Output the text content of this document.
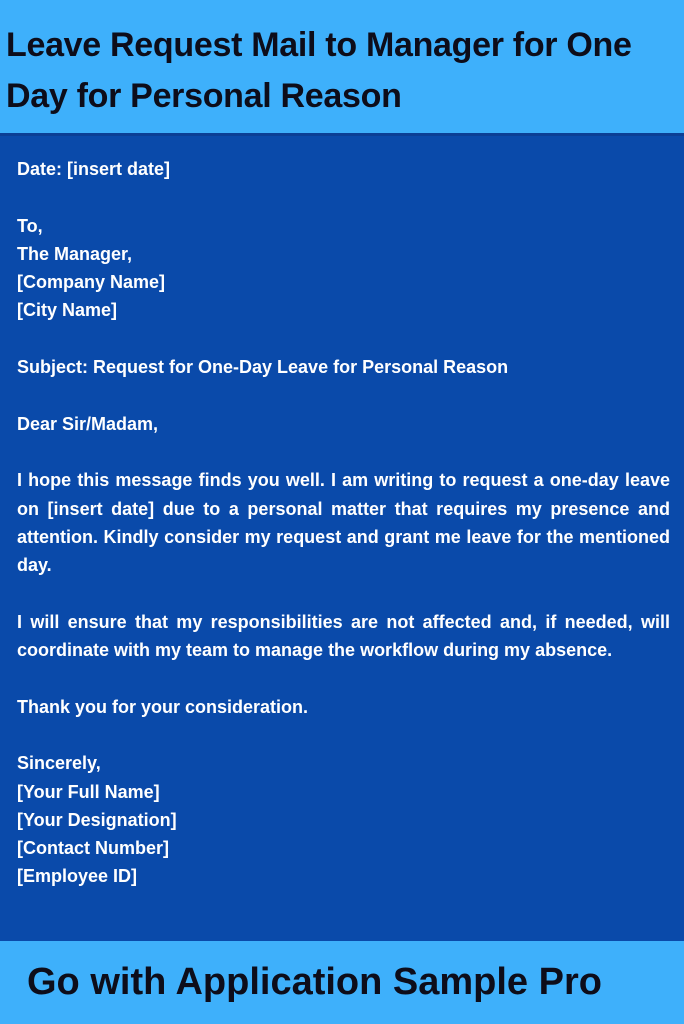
Leave Request Mail to Manager for One Day for Personal Reason
Date: [insert date]
To,
The Manager,
[Company Name]
[City Name]
Subject: Request for One-Day Leave for Personal Reason
Dear Sir/Madam,
I hope this message finds you well. I am writing to request a one-day leave on [insert date] due to a personal matter that requires my presence and attention. Kindly consider my request and grant me leave for the mentioned day.
I will ensure that my responsibilities are not affected and, if needed, will coordinate with my team to manage the workflow during my absence.
Thank you for your consideration.
Sincerely,
[Your Full Name]
[Your Designation]
[Contact Number]
[Employee ID]

Go with Application Sample Pro
